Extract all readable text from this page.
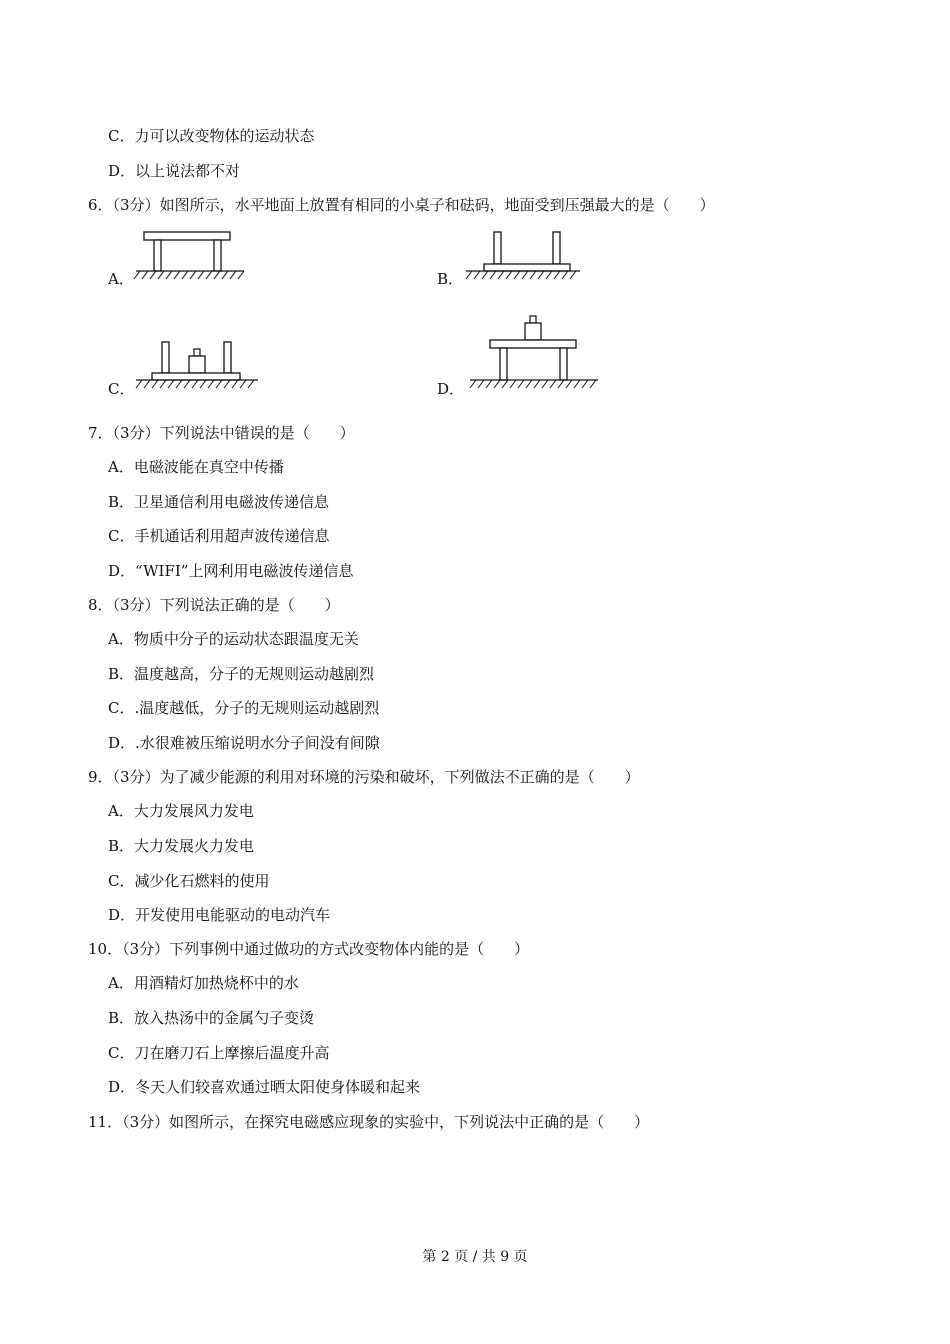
C．力可以改变物体的运动状态
D．以上说法都不对
6．（3分）如图所示，水平地面上放置有相同的小桌子和砝码，地面受到压强最大的是（　　）
A．	B．
C．	D．
7．（3分）下列说法中错误的是（　　）
A．电磁波能在真空中传播
B．卫星通信利用电磁波传递信息
C．手机通话利用超声波传递信息
D．“WIFI”上网利用电磁波传递信息
8．（3分）下列说法正确的是（　　）
A．物质中分子的运动状态跟温度无关
B．温度越高，分子的无规则运动越剧烈
C．.温度越低，分子的无规则运动越剧烈
D．.水很难被压缩说明水分子间没有间隙
9．（3分）为了减少能源的利用对环境的污染和破坏，下列做法不正确的是（　　）
A．大力发展风力发电
B．大力发展火力发电
C．减少化石燃料的使用
D．开发使用电能驱动的电动汽车
10．（3分）下列事例中通过做功的方式改变物体内能的是（　　）
A．用酒精灯加热烧杯中的水
B．放入热汤中的金属勺子变烫
C．刀在磨刀石上摩擦后温度升高
D．冬天人们较喜欢通过晒太阳使身体暖和起来
11．（3分）如图所示，在探究电磁感应现象的实验中，下列说法中正确的是（　　）
第 2 页 / 共 9 页
